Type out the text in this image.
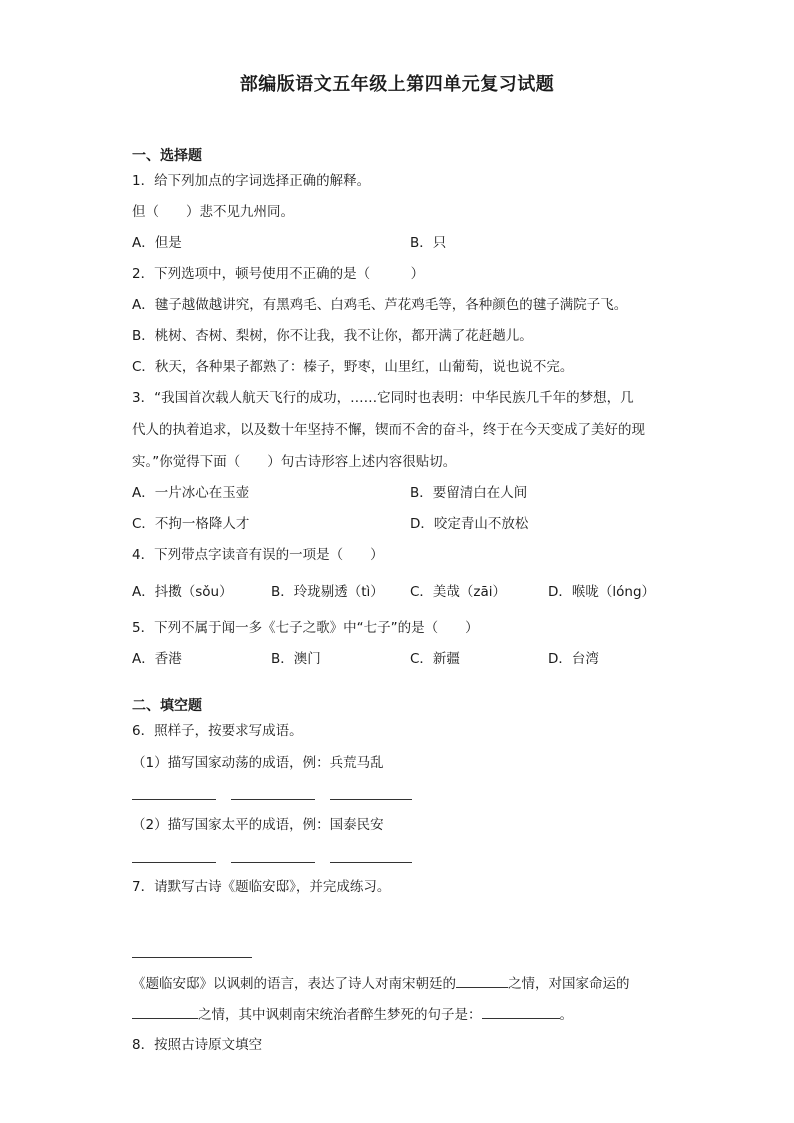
部编版语文五年级上第四单元复习试题
一、选择题
1．给下列加点的字词选择正确的解释。
但（　　）悲不见九州同。
A．但是	B．只
2．下列选项中，顿号使用不正确的是（　　　）
A．毽子越做越讲究，有黑鸡毛、白鸡毛、芦花鸡毛等，各种颜色的毽子满院子飞。
B．桃树、杏树、梨树，你不让我，我不让你，都开满了花赶趟儿。
C．秋天，各种果子都熟了：榛子，野枣，山里红，山葡萄，说也说不完。
3．“我国首次载人航天飞行的成功，……它同时也表明：中华民族几千年的梦想，几
代人的执着追求，以及数十年坚持不懈，锲而不舍的奋斗，终于在今天变成了美好的现
实。”你觉得下面（　　）句古诗形容上述内容很贴切。
A．一片冰心在玉壶	B．要留清白在人间
C．不拘一格降人才	D．咬定青山不放松
4．下列带点字读音有误的一项是（　　）
A．抖擞（sǒu）	B．玲珑剔透（tì） C．美哉（zāi）	D．喉咙（lóng）
5．下列不属于闻一多《七子之歌》中“七子”的是（　　）
A．香港	B．澳门	C．新疆	D．台湾
二、填空题
6．照样子，按要求写成语。
（1）描写国家动荡的成语，例：兵荒马乱
（2）描写国家太平的成语，例：国泰民安
7．请默写古诗《题临安邸》，并完成练习。
《题临安邸》以讽刺的语言，表达了诗人对南宋朝廷的	之情，对国家命运的
之情，其中讽刺南宋统治者醉生梦死的句子是：	。
8．按照古诗原文填空
